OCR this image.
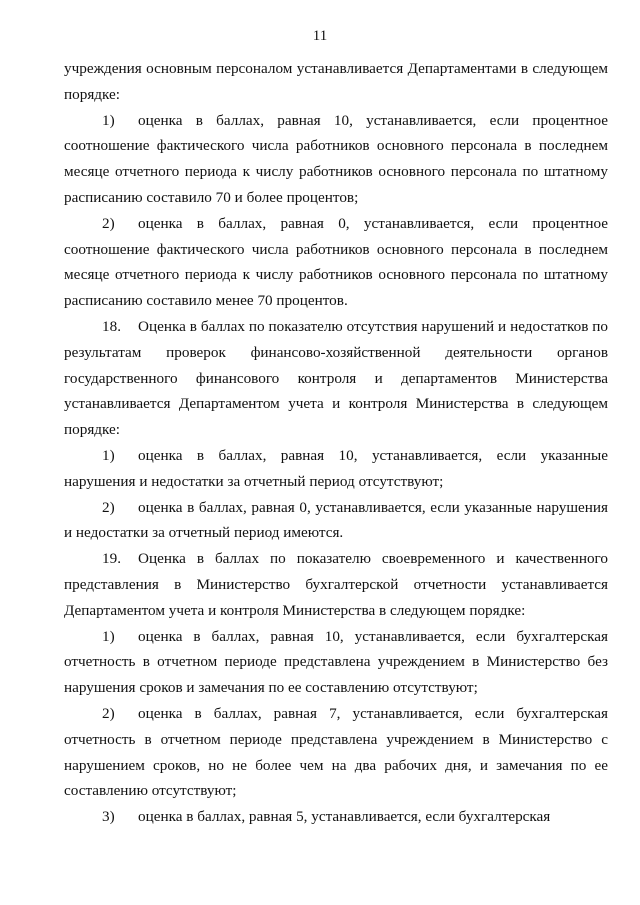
11

учреждения основным персоналом устанавливается Департаментами в следующем порядке:

1) оценка в баллах, равная 10, устанавливается, если процентное соотношение фактического числа работников основного персонала в последнем месяце отчетного периода к числу работников основного персонала по штатному расписанию составило 70 и более процентов;

2) оценка в баллах, равная 0, устанавливается, если процентное соотношение фактического числа работников основного персонала в последнем месяце отчетного периода к числу работников основного персонала по штатному расписанию составило менее 70 процентов.

18. Оценка в баллах по показателю отсутствия нарушений и недостатков по результатам проверок финансово-хозяйственной деятельности органов государственного финансового контроля и департаментов Министерства устанавливается Департаментом учета и контроля Министерства в следующем порядке:

1) оценка в баллах, равная 10, устанавливается, если указанные нарушения и недостатки за отчетный период отсутствуют;

2) оценка в баллах, равная 0, устанавливается, если указанные нарушения и недостатки за отчетный период имеются.

19. Оценка в баллах по показателю своевременного и качественного представления в Министерство бухгалтерской отчетности устанавливается Департаментом учета и контроля Министерства в следующем порядке:

1) оценка в баллах, равная 10, устанавливается, если бухгалтерская отчетность в отчетном периоде представлена учреждением в Министерство без нарушения сроков и замечания по ее составлению отсутствуют;

2) оценка в баллах, равная 7, устанавливается, если бухгалтерская отчетность в отчетном периоде представлена учреждением в Министерство с нарушением сроков, но не более чем на два рабочих дня, и замечания по ее составлению отсутствуют;

3) оценка в баллах, равная 5, устанавливается, если бухгалтерская
